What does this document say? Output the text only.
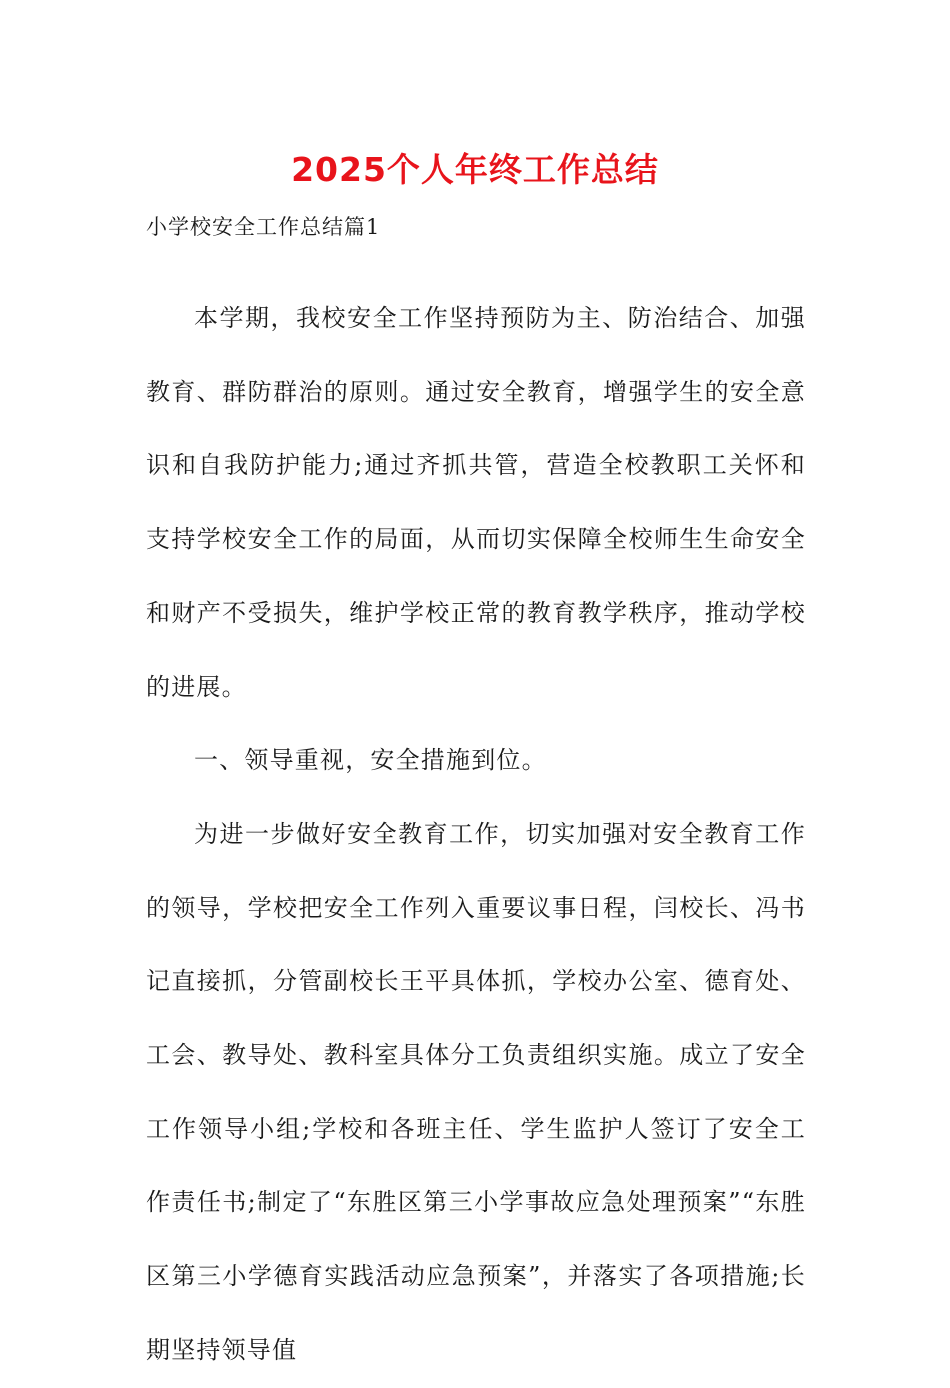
2025个人年终工作总结
小学校安全工作总结篇1

本学期，我校安全工作坚持预防为主、防治结合、加强教育、群防群治的原则。通过安全教育，增强学生的安全意识和自我防护能力;通过齐抓共管，营造全校教职工关怀和支持学校安全工作的局面，从而切实保障全校师生生命安全和财产不受损失，维护学校正常的教育教学秩序，推动学校的进展。

一、领导重视，安全措施到位。

为进一步做好安全教育工作，切实加强对安全教育工作的领导，学校把安全工作列入重要议事日程，闫校长、冯书记直接抓，分管副校长王平具体抓，学校办公室、德育处、工会、教导处、教科室具体分工负责组织实施。成立了安全工作领导小组;学校和各班主任、学生监护人签订了安全工作责任书;制定了“东胜区第三小学事故应急处理预案”“东胜区第三小学德育实践活动应急预案”，并落实了各项措施;长期坚持领导值
